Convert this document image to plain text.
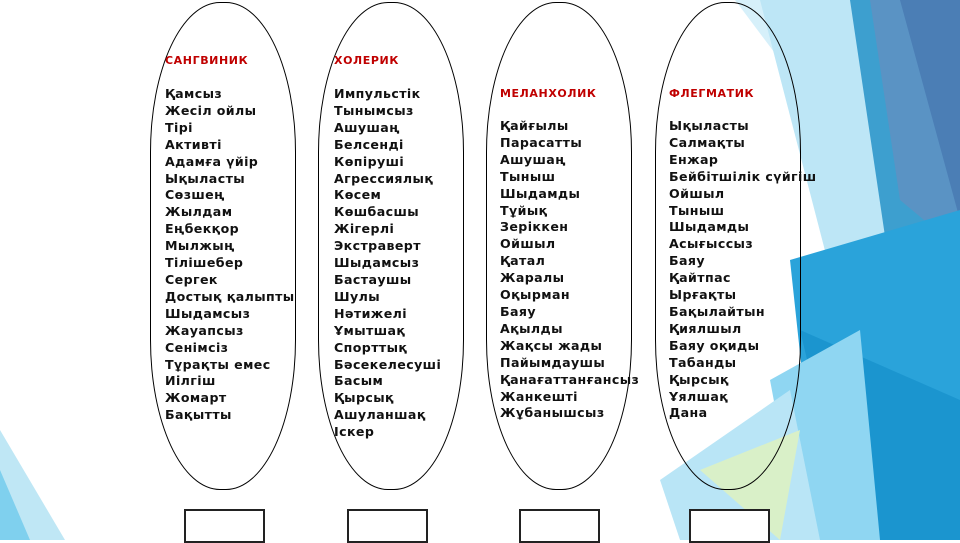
САНГВИНИК
Қамсыз
Жесіл ойлы
Тірі
Активті
Адамға үйір
Ықыласты
Сөзшең
Жылдам
Еңбекқор
Мылжың
Тілішебер
Сергек
Достық қалыпты
Шыдамсыз
Жауапсыз
Сенімсіз
Тұрақты емес
Иілгіш
Жомарт
Бақытты
ХОЛЕРИК
Импульстік
Тынымсыз
Ашушаң
Белсенді
Көпіруші
Агрессиялық
Көсем
Көшбасшы
Жігерлі
Экстраверт
Шыдамсыз
Бастаушы
Шулы
Нәтижелі
Ұмытшақ
Спорттық
Бәсекелесуші
Басым
Қырсық
Ашуланшақ
Іскер
МЕЛАНХОЛИК
Қайғылы
Парасатты
Ашушаң
Тыныш
Шыдамды
Тұйық
Зеріккен
Ойшыл
Қатал
Жаралы
Оқырман
Баяу
Ақылды
Жақсы жады
Пайымдаушы
Қанағаттанғансыз
Жанкешті
Жұбанышсыз
ФЛЕГМАТИК
Ықыласты
Салмақты
Енжар
Бейбітшілік сүйгіш
Ойшыл
Тыныш
Шыдамды
Асығыссыз
Баяу
Қайтпас
Ырғақты
Бақылайтын
Қиялшыл
Баяу оқиды
Табанды
Қырсық
Ұялшақ
Дана
